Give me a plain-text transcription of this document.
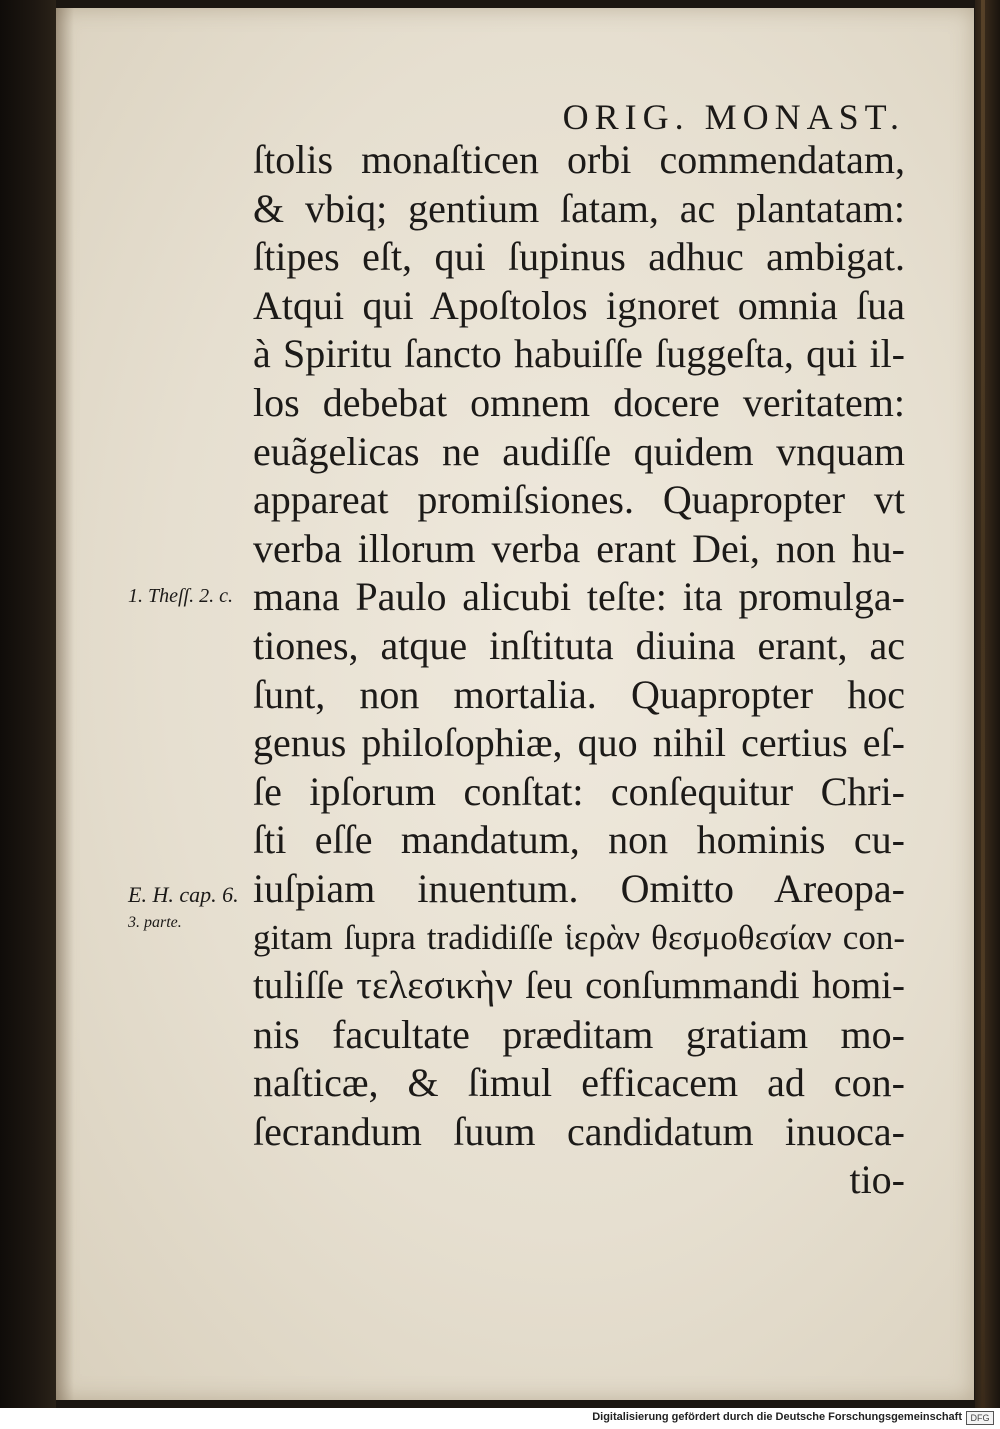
ORIG. MONAST.
ſtolis monaſticen orbi commendatam,
& vbiq; gentium ſatam, ac plantatam:
ſtipes eſt, qui ſupinus adhuc ambigat.
Atqui qui Apoſtolos ignoret omnia ſua
à Spiritu ſancto habuiſſe ſuggeſta, qui il-
los debebat omnem docere veritatem:
euãgelicas ne audiſſe quidem vnquam
appareat promiſsiones. Quapropter vt
verba illorum verba erant Dei, non hu-
mana Paulo alicubi teſte: ita promulga-
tiones, atque inſtituta diuina erant, ac
ſunt, non mortalia. Quapropter hoc
genus philoſophiæ, quo nihil certius eſ-
ſe ipſorum conſtat: conſequitur Chri-
ſti eſſe mandatum, non hominis cu-
iuſpiam inuentum. Omitto Areopa-
gitam ſupra tradidiſſe ἱερὰν θεσμοθεσίαν con-
tuliſſe τελεσικὴν ſeu conſummandi homi-
nis facultate præditam gratiam mo-
naſticæ, & ſimul efficacem ad con-
ſecrandum ſuum candidatum inuoca-
tio-
1. Theſſ. 2. c.
E. H. cap. 6.
3. parte.
Digitalisierung gefördert durch die Deutsche Forschungsgemeinschaft DFG
